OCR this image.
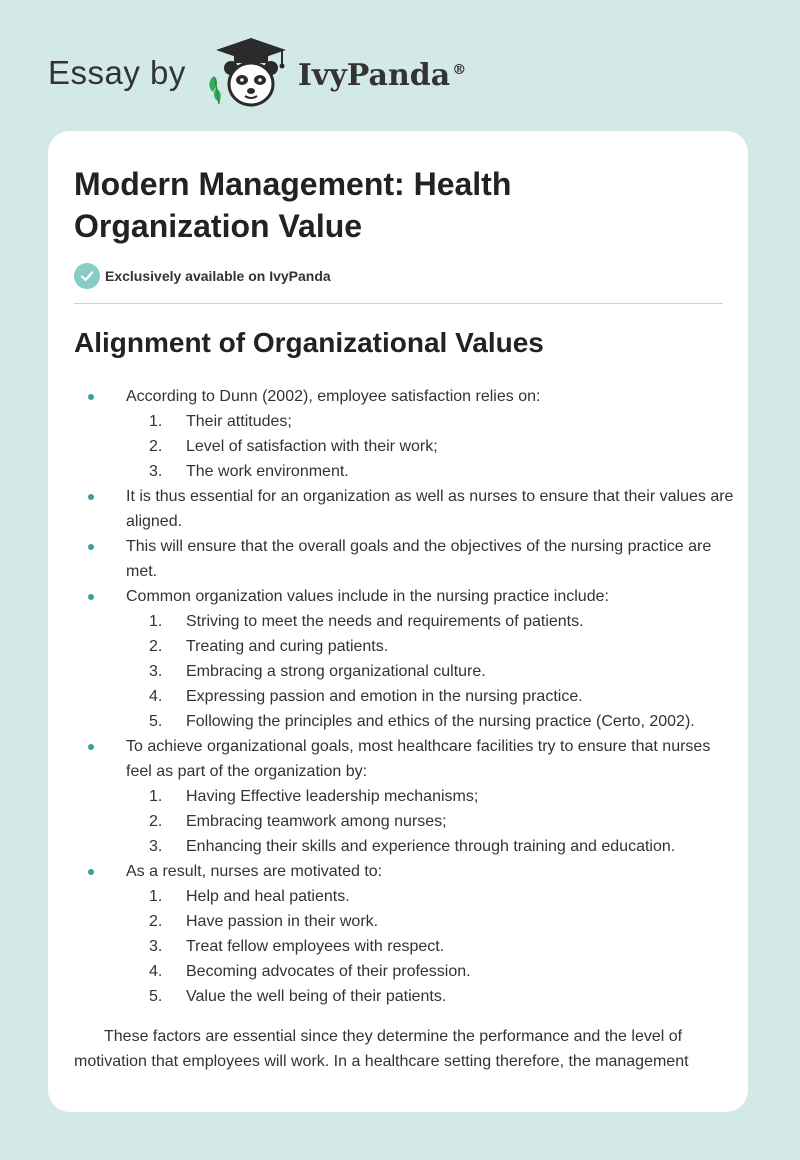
Essay by	IvyPanda ®
Modern Management: Health Organization Value
Exclusively available on IvyPanda
Alignment of Organizational Values
According to Dunn (2002), employee satisfaction relies on:
1. Their attitudes;
2. Level of satisfaction with their work;
3. The work environment.
It is thus essential for an organization as well as nurses to ensure that their values are aligned.
This will ensure that the overall goals and the objectives of the nursing practice are met.
Common organization values include in the nursing practice include:
1. Striving to meet the needs and requirements of patients.
2. Treating and curing patients.
3. Embracing a strong organizational culture.
4. Expressing passion and emotion in the nursing practice.
5. Following the principles and ethics of the nursing practice (Certo, 2002).
To achieve organizational goals, most healthcare facilities try to ensure that nurses feel as part of the organization by:
1. Having Effective leadership mechanisms;
2. Embracing teamwork among nurses;
3. Enhancing their skills and experience through training and education.
As a result, nurses are motivated to:
1. Help and heal patients.
2. Have passion in their work.
3. Treat fellow employees with respect.
4. Becoming advocates of their profession.
5. Value the well being of their patients.

These factors are essential since they determine the performance and the level of motivation that employees will work. In a healthcare setting therefore, the management
